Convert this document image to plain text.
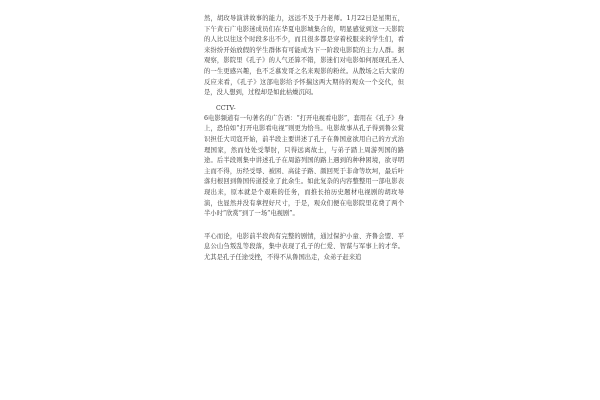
然，胡玫导演讲故事的能力，远远不及于丹老师。1月22日是星期五，下午黄石广电影迷成员们在华夏电影城集合的，明显感觉到这一天影院的人比以往这个时段多出不少，而且很多都是穿着校服来的学生们，看来纷纷开始放假的学生群体有可能成为下一阶段电影院的主力人群。据观察，影院里《孔子》的人气还算不错，影迷们对电影如何展现孔圣人的一生更感兴趣，也不乏慕发哥之名来观影的粉丝。从散场之后大家的反应来看，《孔子》这部电影给予怀揣这两大期待的观众一个交代，但是，没人想到，过程却是如此枯燥沉闷。

CCTV-

6电影频道有一句著名的广告语：“打开电视看电影”，套用在《孔子》身上，恐怕如“打开电影看电视”则更为恰当。电影故事从孔子得到鲁公赏识担任大司寇开始，前半段主要讲述了孔子在鲁国意欲用自己的方式治理国家，然而处处受掣肘，只得远离故土，与弟子踏上周游列国的路途。后半段则集中讲述孔子在周游列国的路上遇到的种种困境，欲寻明主而不得，历经受辱、被困、高徒子路、颜回死于非命等坎坷，最后叶落归根回到鲁国传道授业了此余生。如此复杂的内容整整用一部电影表现出来，原本就是个艰难的任务，而推长拍历史题材电视剧的胡玫导演，也显然并没有拿捏好尺寸，于是，观众们便在电影院里花费了两个半小时“欣赏”到了一场“电视剧”。

平心而论，电影前半段尚有完整的剧情，通过保护小童、齐鲁会盟、平息公山刍叛乱等段落，集中表现了孔子的仁爱、智谋与军事上的才华。尤其是孔子任途受挫，不得不从鲁国出走，众弟子赶来追
